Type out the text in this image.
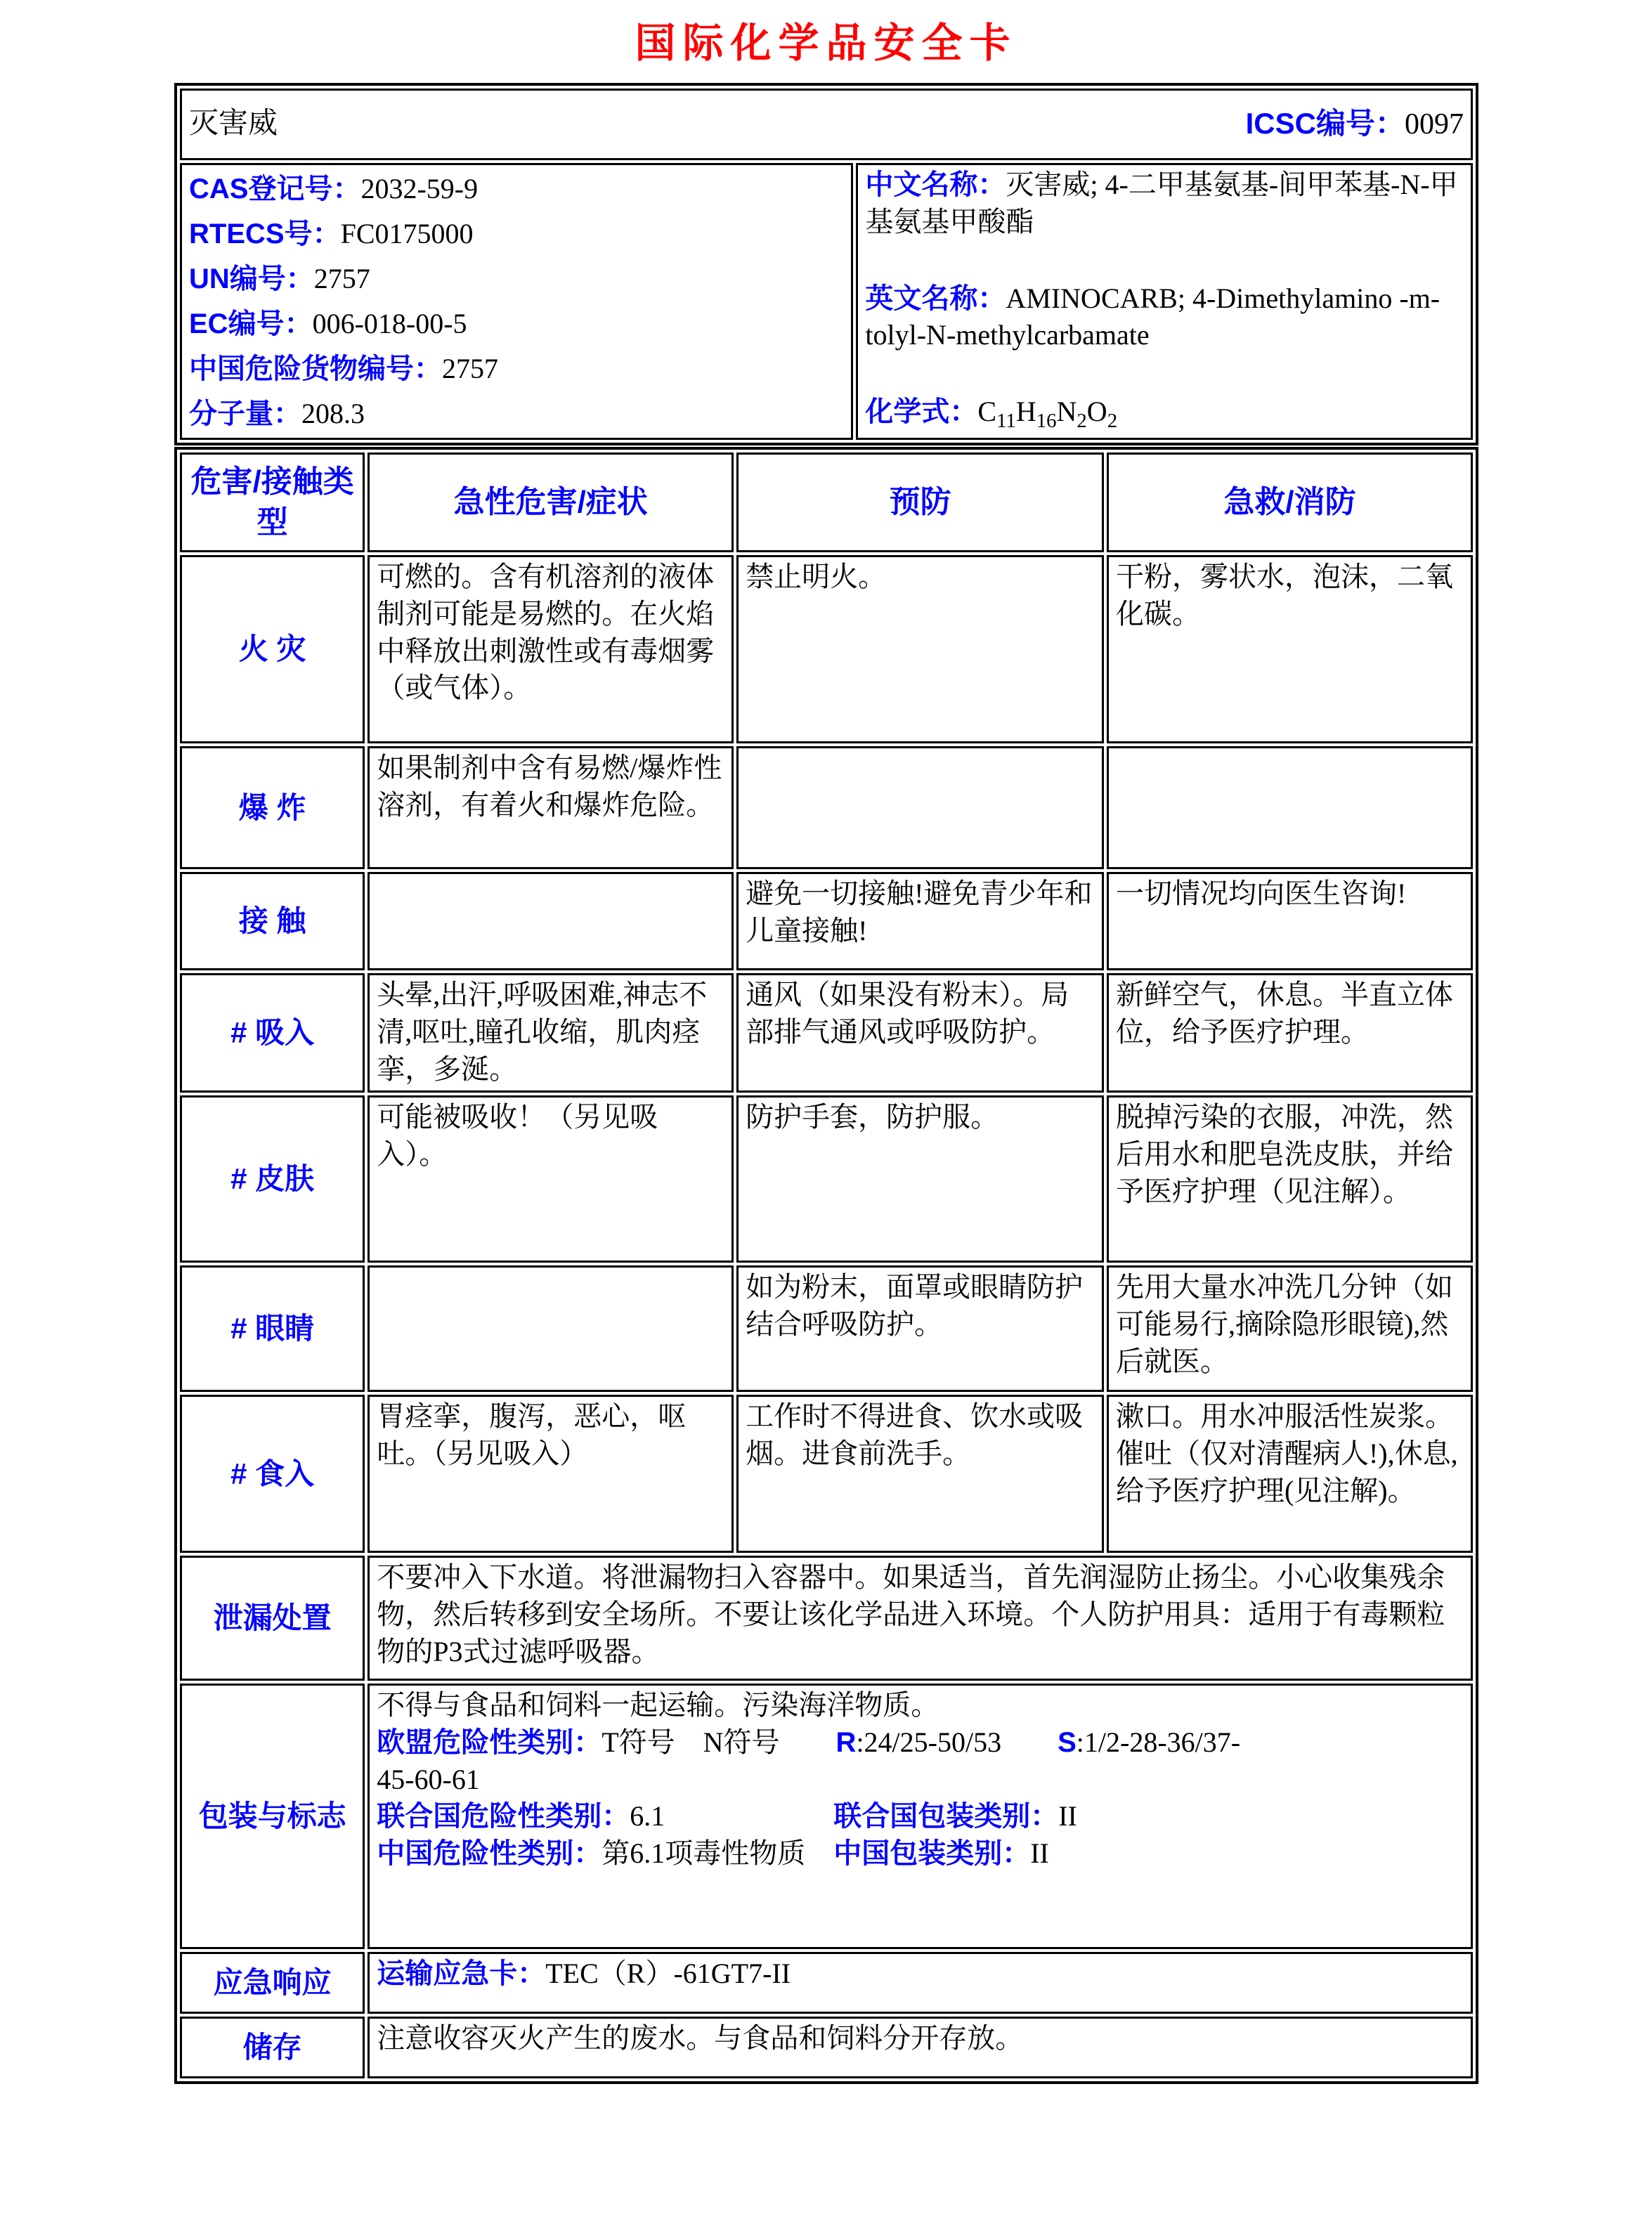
国际化学品安全卡
灭害威	ICSC编号：0097

CAS登记号：2032-59-9
RTECS号：FC0175000
UN编号：2757
EC编号：006-018-00-5
中国危险货物编号：2757
分子量：208.3

中文名称：灭害威; 4-二甲基氨基-间甲苯基-N-甲基氨基甲酸酯

英文名称：AMINOCARB; 4-Dimethylamino -m-tolyl-N-methylcarbamate

化学式：$C_{11}H_{16}N_2O_2$

危害/接触类型	急性危害/症状	预防	急救/消防
火 灾	可燃的。含有机溶剂的液体制剂可能是易燃的。在火焰中释放出刺激性或有毒烟雾（或气体）。	禁止明火。	干粉，雾状水，泡沫，二氧化碳。
爆 炸	如果制剂中含有易燃/爆炸性溶剂，有着火和爆炸危险。		
接 触		避免一切接触!避免青少年和儿童接触!	一切情况均向医生咨询!
# 吸入	头晕,出汗,呼吸困难,神志不清,呕吐,瞳孔收缩，肌肉痉挛，多涎。	通风（如果没有粉末）。局部排气通风或呼吸防护。	新鲜空气，休息。半直立体位，给予医疗护理。
# 皮肤	可能被吸收！（另见吸入）。	防护手套，防护服。	脱掉污染的衣服，冲洗，然后用水和肥皂洗皮肤，并给予医疗护理（见注解）。
# 眼睛		如为粉末，面罩或眼睛防护结合呼吸防护。	先用大量水冲洗几分钟（如可能易行,摘除隐形眼镜),然后就医。
# 食入	胃痉挛，腹泻，恶心，呕吐。（另见吸入）	工作时不得进食、饮水或吸烟。进食前洗手。	漱口。用水冲服活性炭浆。催吐（仅对清醒病人!),休息,给予医疗护理(见注解)。
泄漏处置	不要冲入下水道。将泄漏物扫入容器中。如果适当，首先润湿防止扬尘。小心收集残余物，然后转移到安全场所。不要让该化学品进入环境。个人防护用具：适用于有毒颗粒物的P3式过滤呼吸器。		

包装与标志	不得与食品和饲料一起运输。污染海洋物质。
欧盟危险性类别：T符号　N符号　　R:24/25-50/53　　S:1/2-28-36/37-
45-60-61
联合国危险性类别：6.1　　　　　　联合国包装类别：II
中国危险性类别：第6.1项毒性物质　中国包装类别：II		

应急响应	运输应急卡：TEC（R）-61GT7-II		

储存	注意收容灭火产生的废水。与食品和饲料分开存放。		
